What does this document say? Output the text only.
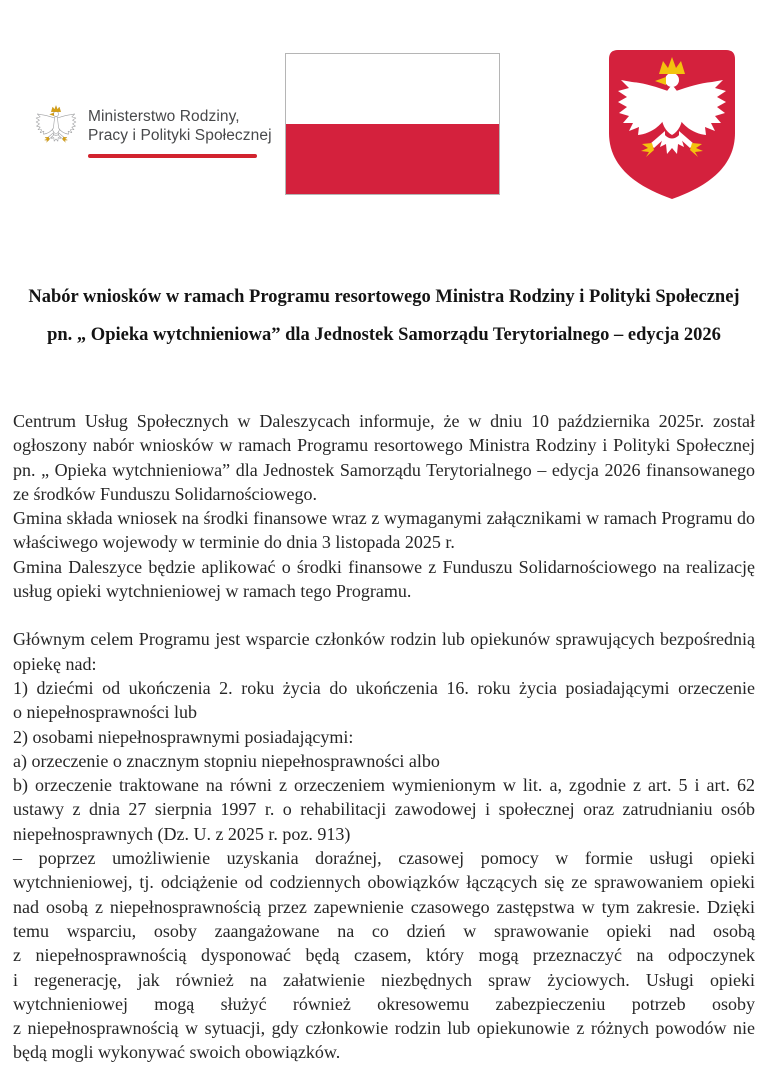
Ministerstwo Rodziny,
Pracy i Polityki Społecznej
Nabór wniosków w ramach Programu resortowego Ministra Rodziny i Polityki Społecznej
pn. „ Opieka wytchnieniowa” dla Jednostek Samorządu Terytorialnego – edycja 2026

Centrum Usług Społecznych w Daleszycach informuje, że w dniu 10 października 2025r. został ogłoszony nabór wniosków w ramach Programu resortowego Ministra Rodziny i Polityki Społecznej pn. „ Opieka wytchnieniowa” dla Jednostek Samorządu Terytorialnego – edycja 2026 finansowanego ze środków Funduszu Solidarnościowego.

Gmina składa wniosek na środki finansowe wraz z wymaganymi załącznikami w ramach Programu do właściwego wojewody w terminie do dnia 3 listopada 2025 r.

Gmina Daleszyce będzie aplikować o środki finansowe z Funduszu Solidarnościowego na realizację usług opieki wytchnieniowej w ramach tego Programu.

Głównym celem Programu jest wsparcie członków rodzin lub opiekunów sprawujących bezpośrednią opiekę nad:

1) dziećmi od ukończenia 2. roku życia do ukończenia 16. roku życia posiadającymi orzeczenie o niepełnosprawności lub

2) osobami niepełnosprawnymi posiadającymi:

a) orzeczenie o znacznym stopniu niepełnosprawności albo

b) orzeczenie traktowane na równi z orzeczeniem wymienionym w lit. a, zgodnie z art. 5 i art. 62 ustawy z dnia 27 sierpnia 1997 r. o rehabilitacji zawodowej i społecznej oraz zatrudnianiu osób niepełnosprawnych (Dz. U. z 2025 r. poz. 913)

– poprzez umożliwienie uzyskania doraźnej, czasowej pomocy w formie usługi opieki wytchnieniowej, tj. odciążenie od codziennych obowiązków łączących się ze sprawowaniem opieki nad osobą z niepełnosprawnością przez zapewnienie czasowego zastępstwa w tym zakresie. Dzięki temu wsparciu, osoby zaangażowane na co dzień w sprawowanie opieki nad osobą z niepełnosprawnością dysponować będą czasem, który mogą przeznaczyć na odpoczynek i regenerację, jak również na załatwienie niezbędnych spraw życiowych. Usługi opieki wytchnieniowej mogą służyć również okresowemu zabezpieczeniu potrzeb osoby z niepełnosprawnością w sytuacji, gdy członkowie rodzin lub opiekunowie z różnych powodów nie będą mogli wykonywać swoich obowiązków.
